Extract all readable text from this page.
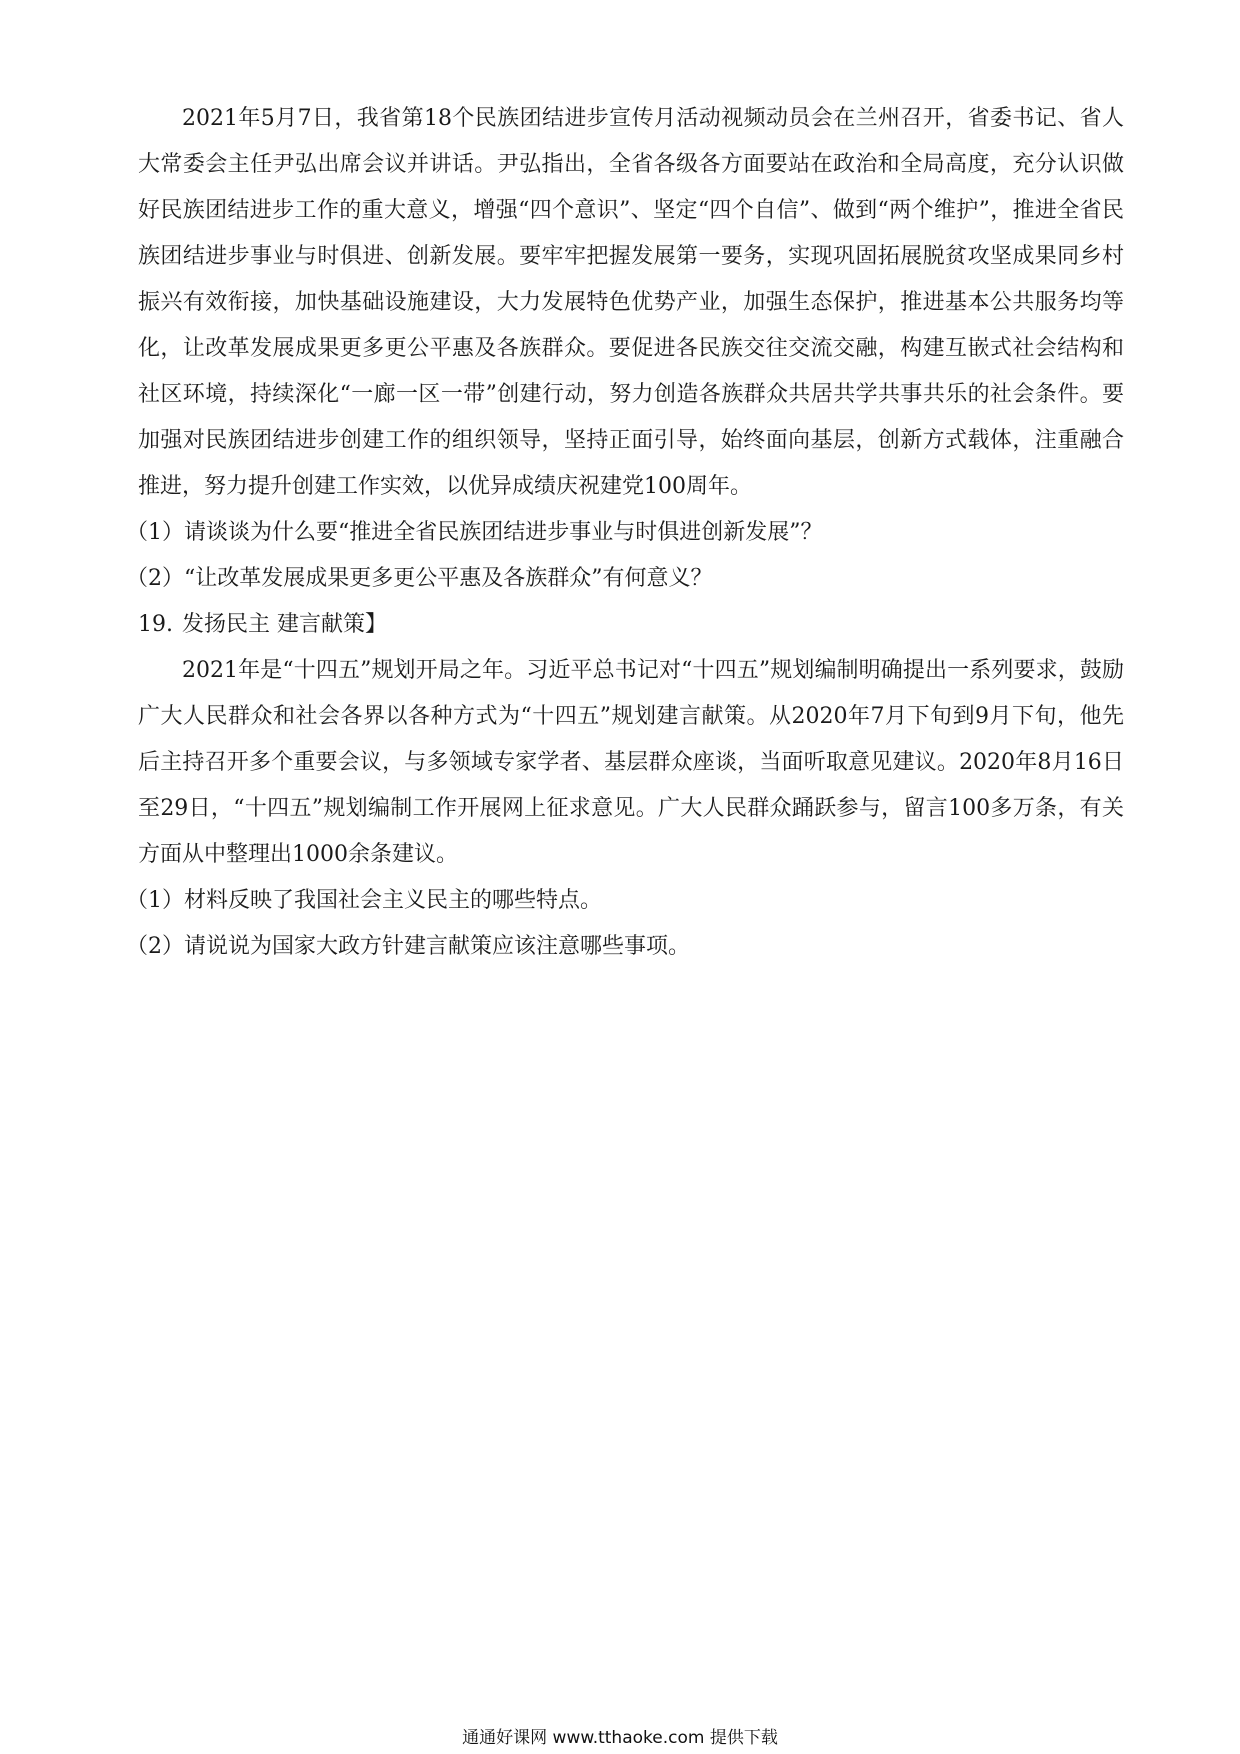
2021年5月7日，我省第18个民族团结进步宣传月活动视频动员会在兰州召开，省委书记、省人大常委会主任尹弘出席会议并讲话。尹弘指出，全省各级各方面要站在政治和全局高度，充分认识做好民族团结进步工作的重大意义，增强“四个意识”、坚定“四个自信”、做到“两个维护”，推进全省民族团结进步事业与时俱进、创新发展。要牢牢把握发展第一要务，实现巩固拓展脱贫攻坚成果同乡村振兴有效衔接，加快基础设施建设，大力发展特色优势产业，加强生态保护，推进基本公共服务均等化，让改革发展成果更多更公平惠及各族群众。要促进各民族交往交流交融，构建互嵌式社会结构和社区环境，持续深化“一廊一区一带”创建行动，努力创造各族群众共居共学共事共乐的社会条件。要加强对民族团结进步创建工作的组织领导，坚持正面引导，始终面向基层，创新方式载体，注重融合推进，努力提升创建工作实效，以优异成绩庆祝建党100周年。

（1）请谈谈为什么要“推进全省民族团结进步事业与时俱进创新发展”？

（2）“让改革发展成果更多更公平惠及各族群众”有何意义？

19. 发扬民主 建言献策】

2021年是“十四五”规划开局之年。习近平总书记对“十四五”规划编制明确提出一系列要求，鼓励广大人民群众和社会各界以各种方式为“十四五”规划建言献策。从2020年7月下旬到9月下旬，他先后主持召开多个重要会议，与多领域专家学者、基层群众座谈，当面听取意见建议。2020年8月16日至29日，“十四五”规划编制工作开展网上征求意见。广大人民群众踊跃参与，留言100多万条，有关方面从中整理出1000余条建议。

（1）材料反映了我国社会主义民主的哪些特点。

（2）请说说为国家大政方针建言献策应该注意哪些事项。

通通好课网 www.tthaoke.com 提供下载
